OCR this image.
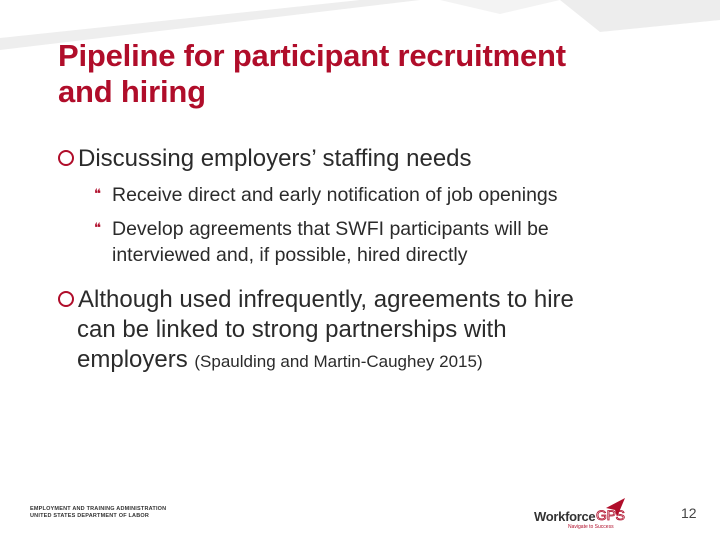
Pipeline for participant recruitment
and hiring

Discussing employers’ staffing needs

❝ Receive direct and early notification of job openings

❝ Develop agreements that SWFI participants will be
interviewed and, if possible, hired directly

Although used infrequently, agreements to hire
can be linked to strong partnerships with
employers (Spaulding and Martin-Caughey 2015)

EMPLOYMENT AND TRAINING ADMINISTRATION
UNITED STATES DEPARTMENT OF LABOR	Workforce GPS
Navigate to Success
12
